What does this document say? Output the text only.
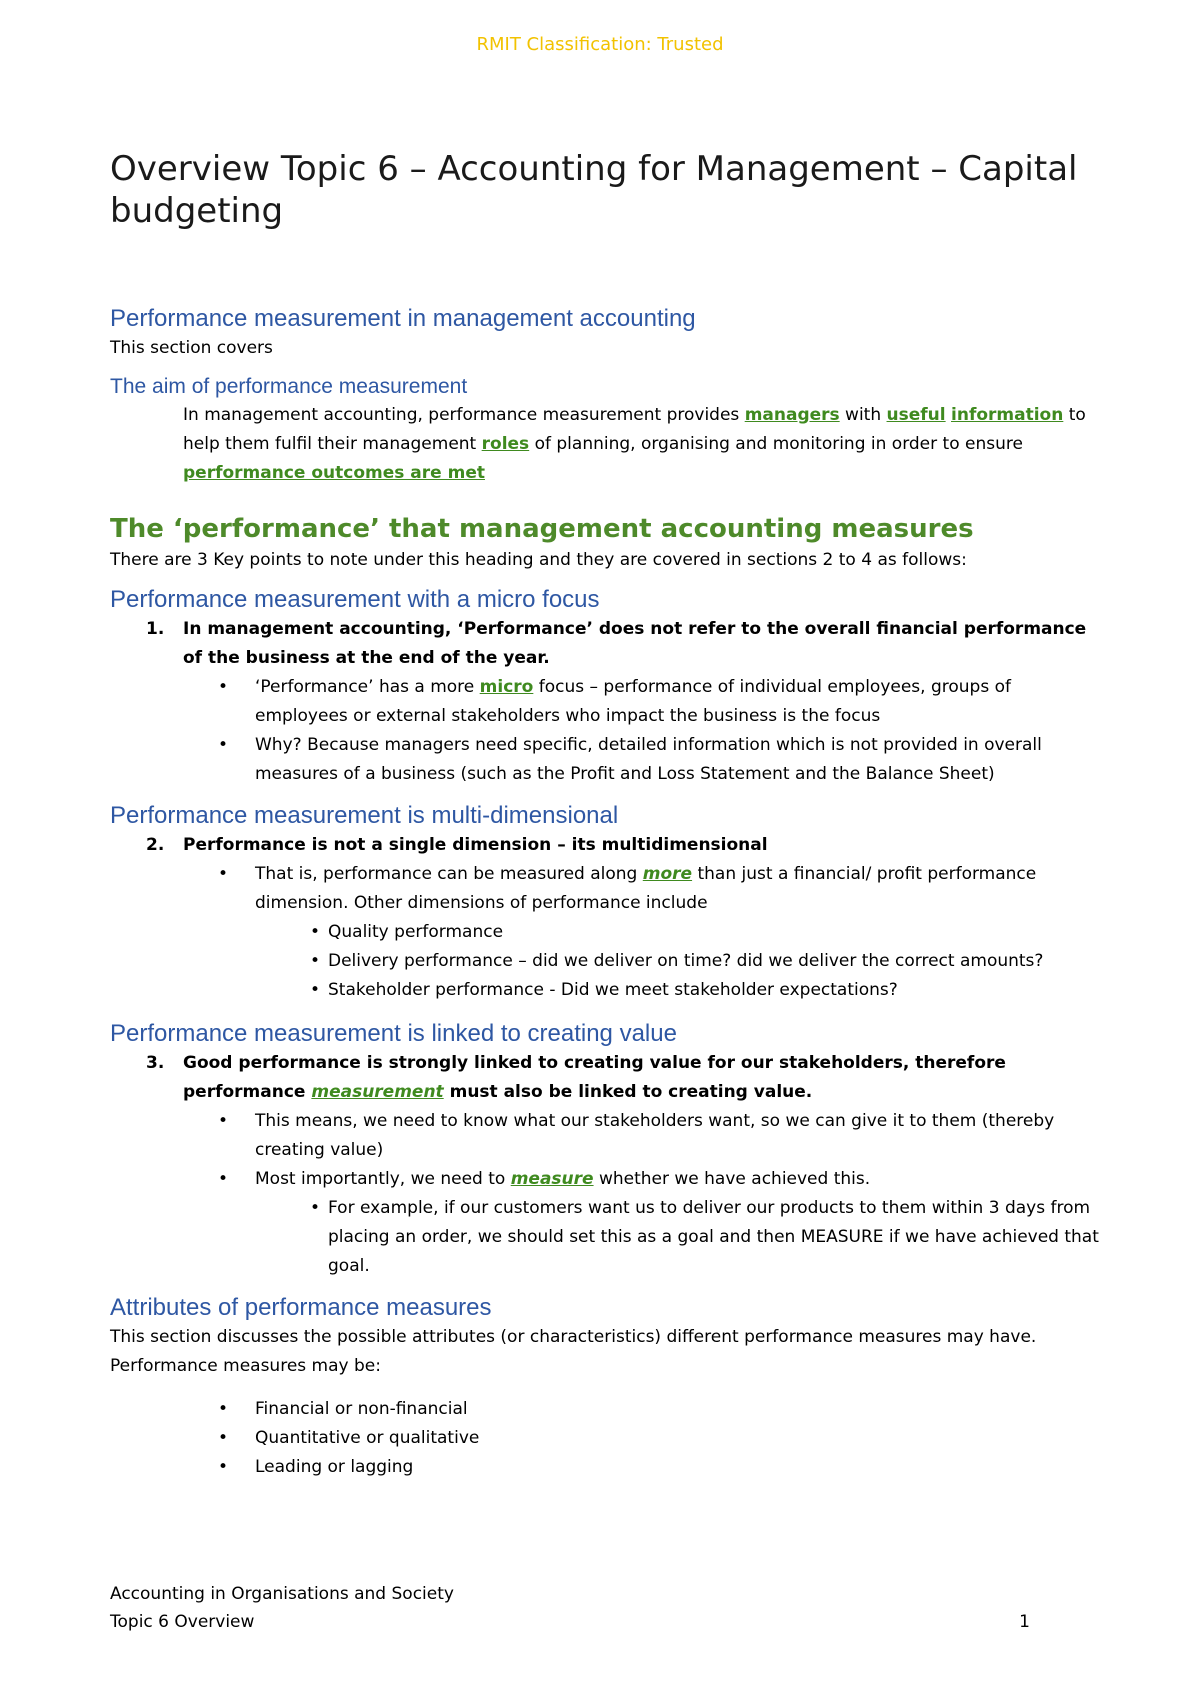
RMIT Classification: Trusted
Overview Topic 6 – Accounting for Management – Capital budgeting
Performance measurement in management accounting

This section covers

The aim of performance measurement

In management accounting, performance measurement provides managers with useful information to help them fulfil their management roles of planning, organising and monitoring in order to ensure performance outcomes are met

The ‘performance’ that management accounting measures

There are 3 Key points to note under this heading and they are covered in sections 2 to 4 as follows:

Performance measurement with a micro focus
1.	In management accounting, ‘Performance’ does not refer to the overall financial performance of the business at the end of the year.
•	‘Performance’ has a more micro focus – performance of individual employees, groups of employees or external stakeholders who impact the business is the focus
•	Why? Because managers need specific, detailed information which is not provided in overall measures of a business (such as the Profit and Loss Statement and the Balance Sheet)
Performance measurement is multi-dimensional
2.	Performance is not a single dimension – its multidimensional
•	That is, performance can be measured along more than just a financial/ profit performance dimension. Other dimensions of performance include
• Quality performance
• Delivery performance – did we deliver on time? did we deliver the correct amounts?
• Stakeholder performance - Did we meet stakeholder expectations?
Performance measurement is linked to creating value
3.	Good performance is strongly linked to creating value for our stakeholders, therefore performance measurement must also be linked to creating value.
•	This means, we need to know what our stakeholders want, so we can give it to them (thereby creating value)
•	Most importantly, we need to measure whether we have achieved this.
• For example, if our customers want us to deliver our products to them within 3 days from placing an order, we should set this as a goal and then MEASURE if we have achieved that goal.
Attributes of performance measures

This section discusses the possible attributes (or characteristics) different performance measures may have.

Performance measures may be:

•	Financial or non-financial
•	Quantitative or qualitative
•	Leading or lagging
Accounting in Organisations and Society
Topic 6 Overview	1
